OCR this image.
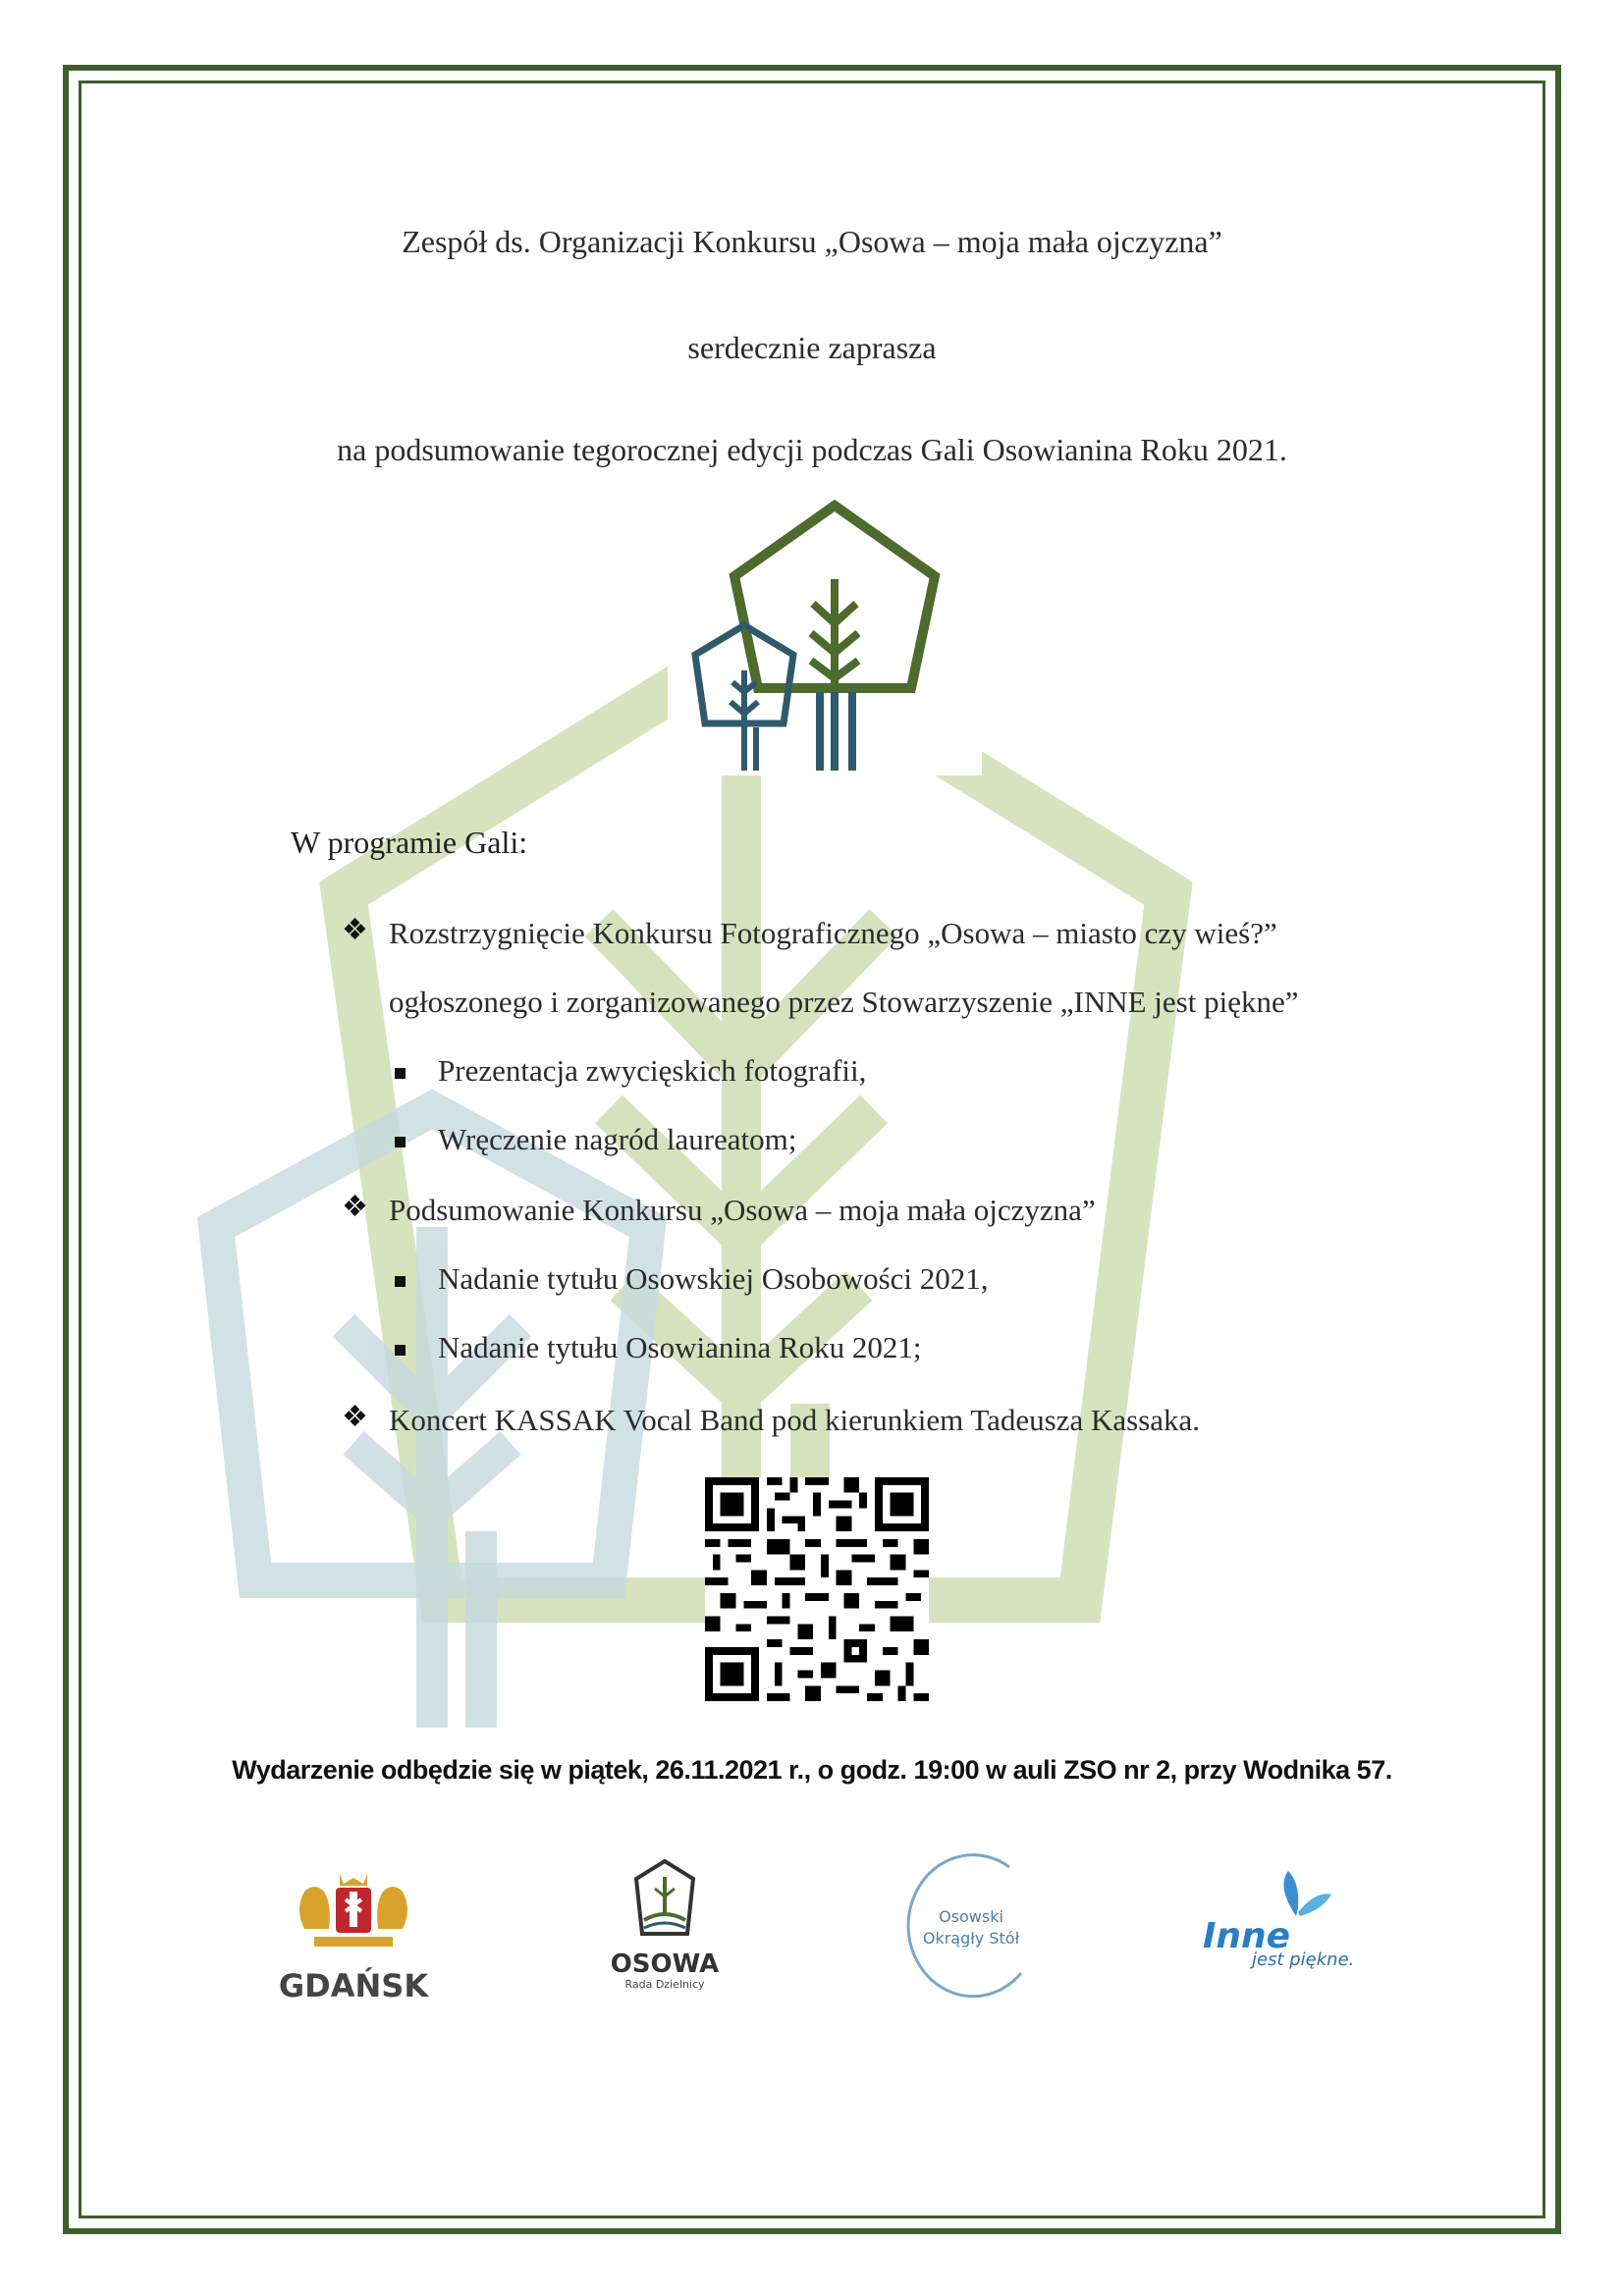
Zespół ds. Organizacji Konkursu „Osowa – moja mała ojczyzna”
serdecznie zaprasza
na podsumowanie tegorocznej edycji podczas Gali Osowianina Roku 2021.
W programie Gali:
❖ Rozstrzygnięcie Konkursu Fotograficznego „Osowa – miasto czy wieś?”
ogłoszonego i zorganizowanego przez Stowarzyszenie „INNE jest piękne”
Prezentacja zwycięskich fotografii,
Wręczenie nagród laureatom;
❖ Podsumowanie Konkursu „Osowa – moja mała ojczyzna”
Nadanie tytułu Osowskiej Osobowości 2021,
Nadanie tytułu Osowianina Roku 2021;
❖ Koncert KASSAK Vocal Band pod kierunkiem Tadeusza Kassaka.
Wydarzenie odbędzie się w piątek, 26.11.2021 r., o godz. 19:00 w auli ZSO nr 2, przy Wodnika 57.
GDAŃSK
OSOWA
Rada Dzielnicy
Osowski
Okrągły Stół	Inne
jest piękne.
